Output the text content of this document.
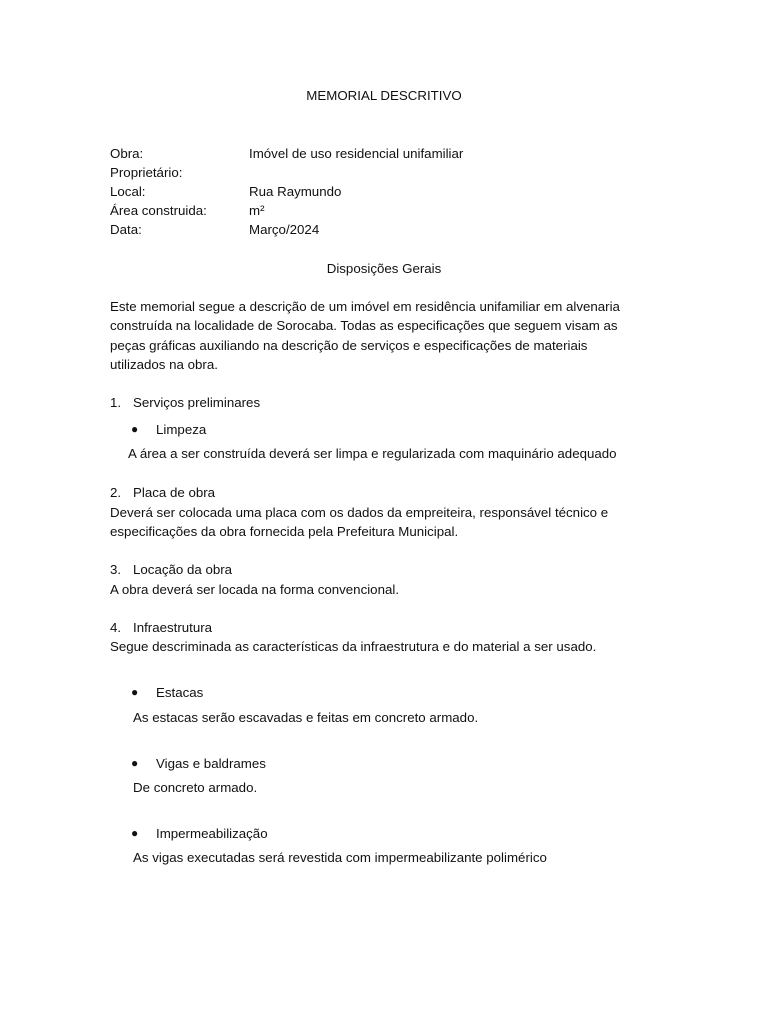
MEMORIAL DESCRITIVO
Obra:	Imóvel de uso residencial unifamiliar
Proprietário:
Local:	Rua Raymundo
Área construida:	m²
Data:	Março/2024
Disposições Gerais
Este memorial segue a descrição de um imóvel em residência unifamiliar em alvenaria
construída na localidade de Sorocaba. Todas as especificações que seguem visam as
peças gráficas auxiliando na descrição de serviços e especificações de materiais
utilizados na obra.
1. Serviços preliminares
● Limpeza
A área a ser construída deverá ser limpa e regularizada com maquinário adequado
2. Placa de obra
Deverá ser colocada uma placa com os dados da empreiteira, responsável técnico e
especificações da obra fornecida pela Prefeitura Municipal.
3. Locação da obra
A obra deverá ser locada na forma convencional.
4. Infraestrutura
Segue descriminada as características da infraestrutura e do material a ser usado.
● Estacas
As estacas serão escavadas e feitas em concreto armado.
● Vigas e baldrames
De concreto armado.
● Impermeabilização
As vigas executadas será revestida com impermeabilizante polimérico
